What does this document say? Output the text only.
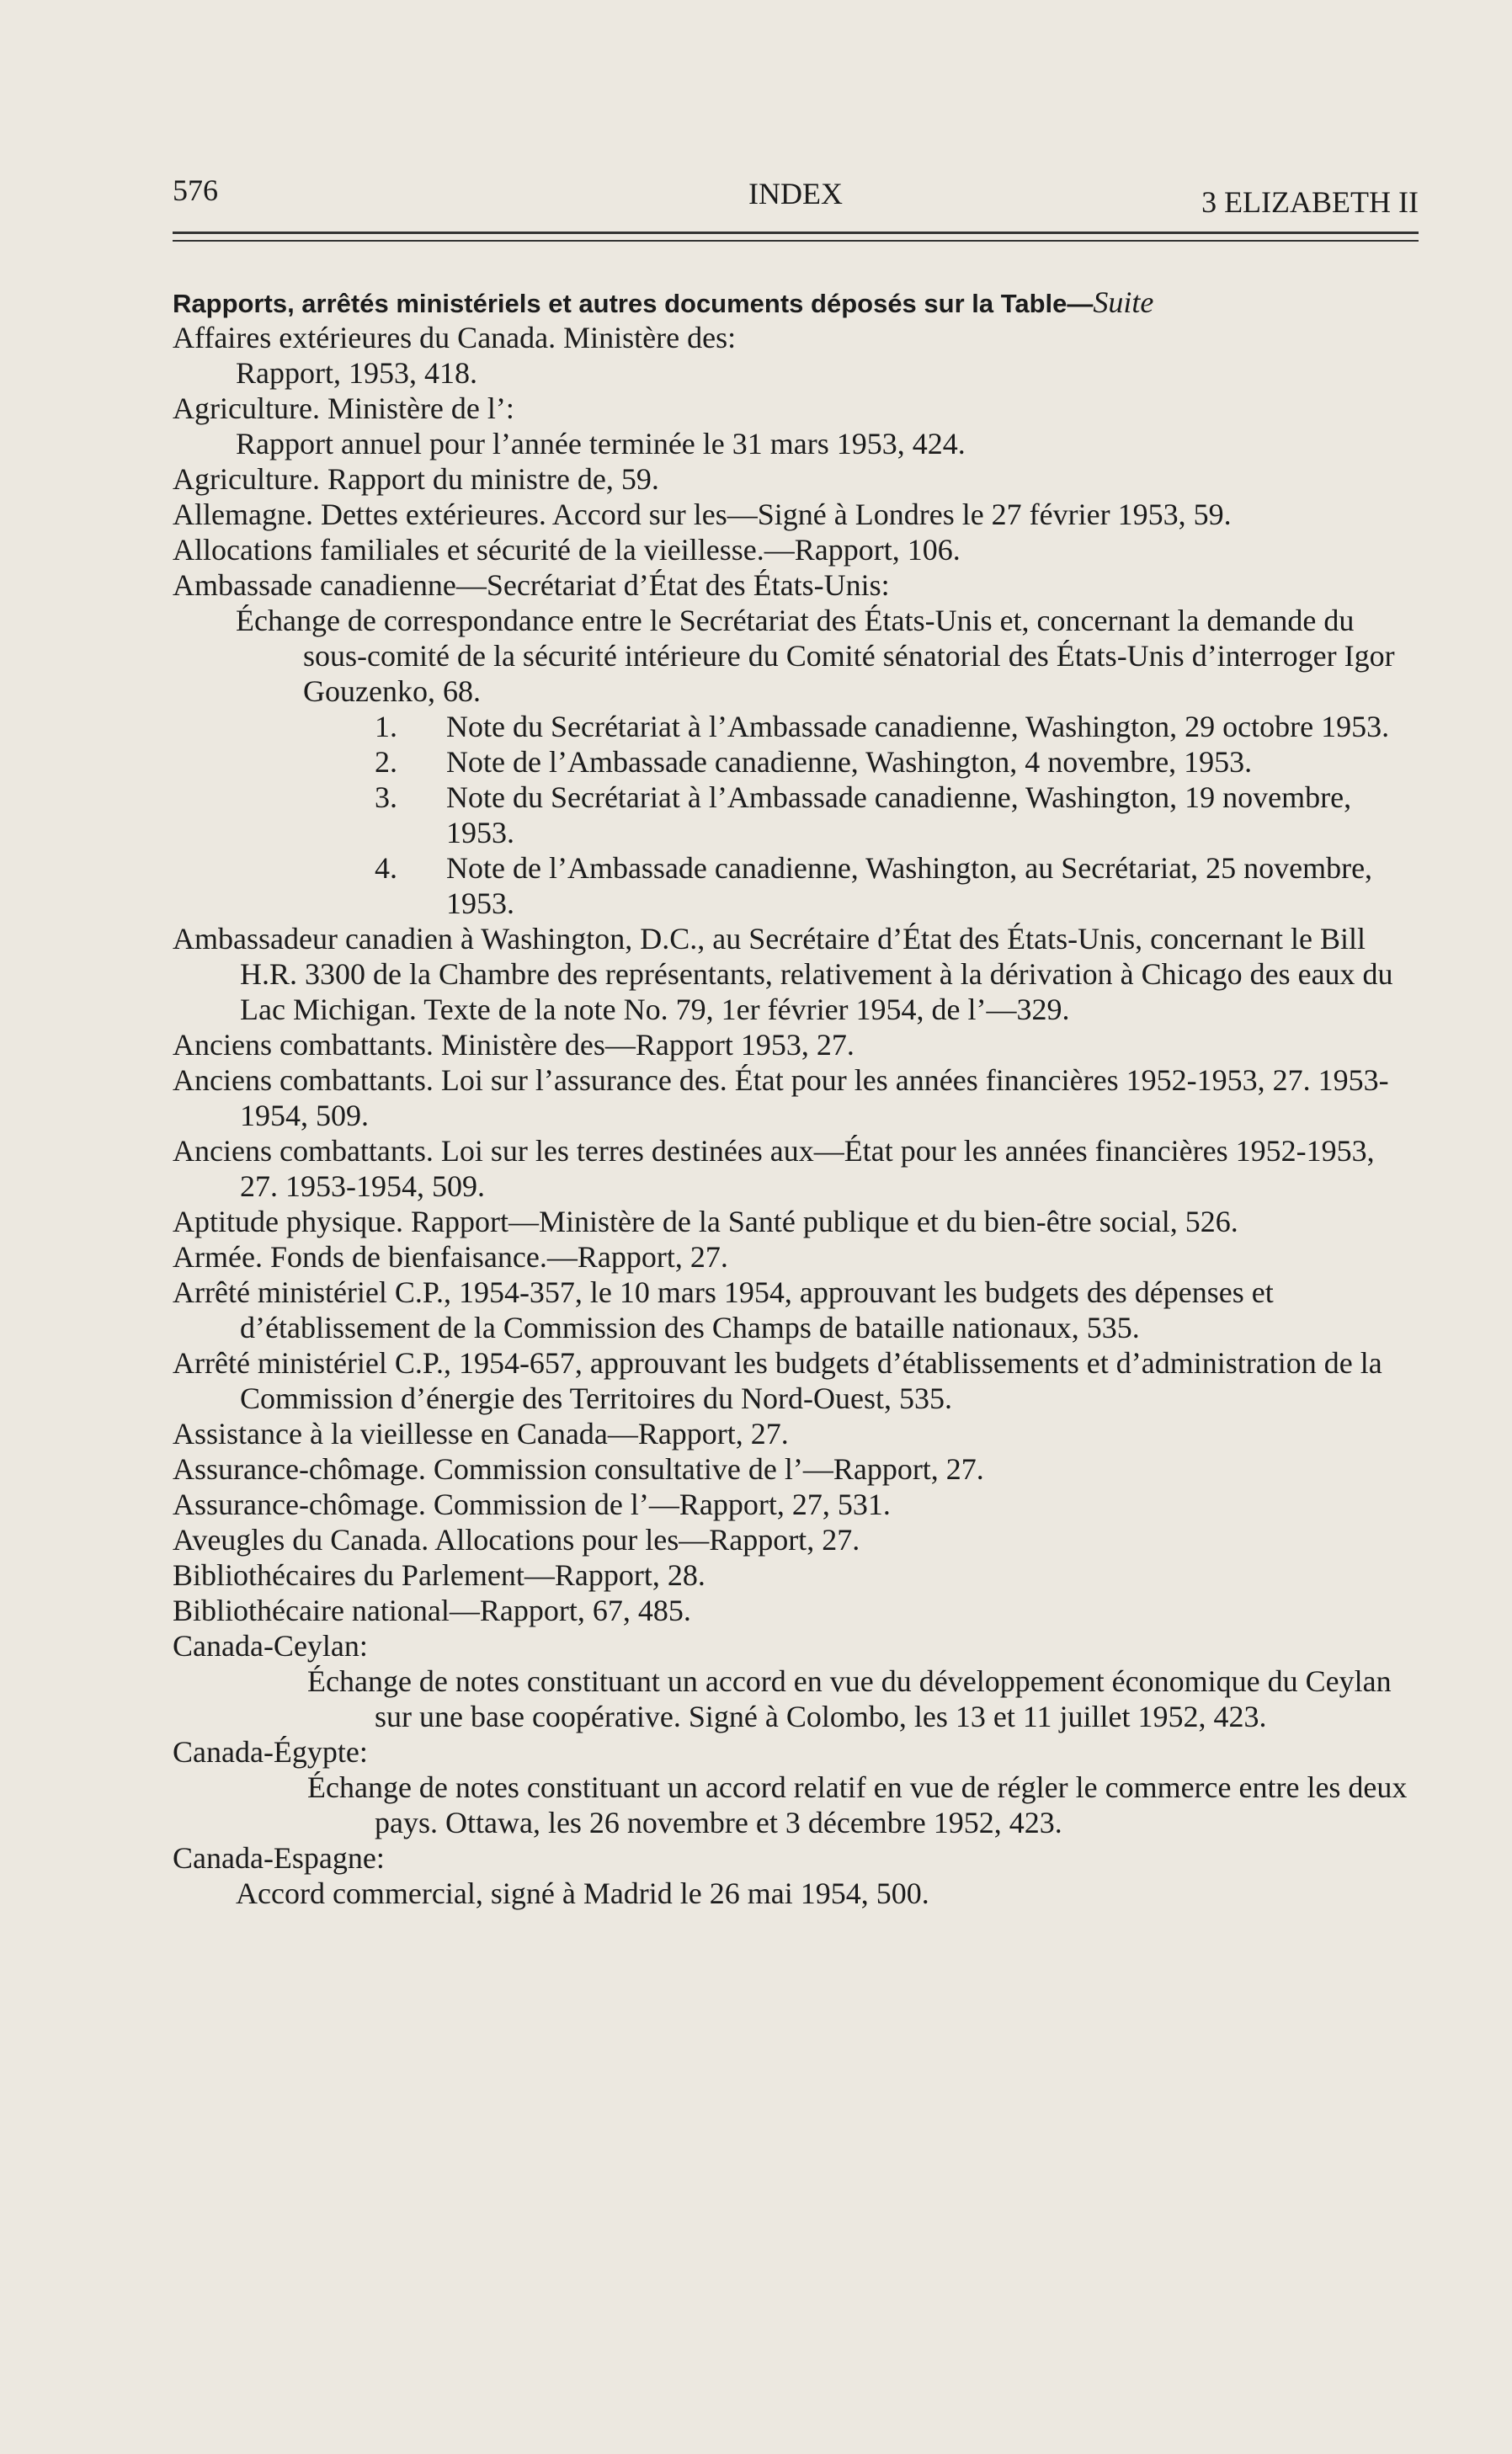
576	INDEX	3 ELIZABETH II
Rapports, arrêtés ministériels et autres documents déposés sur la Table—Suite
Affaires extérieures du Canada. Ministère des:
Rapport, 1953, 418.
Agriculture. Ministère de l’:
Rapport annuel pour l’année terminée le 31 mars 1953, 424.
Agriculture. Rapport du ministre de, 59.
Allemagne. Dettes extérieures. Accord sur les—Signé à Londres le 27 février 1953, 59.
Allocations familiales et sécurité de la vieillesse.—Rapport, 106.
Ambassade canadienne—Secrétariat d’État des États-Unis:
Échange de correspondance entre le Secrétariat des États-Unis et, concernant la demande du sous-comité de la sécurité intérieure du Comité sénatorial des États-Unis d’interroger Igor Gouzenko, 68.
1. Note du Secrétariat à l’Ambassade canadienne, Washington, 29 octobre 1953.
2. Note de l’Ambassade canadienne, Washington, 4 novembre, 1953.
3. Note du Secrétariat à l’Ambassade canadienne, Washington, 19 novembre, 1953.
4. Note de l’Ambassade canadienne, Washington, au Secrétariat, 25 novembre, 1953.
Ambassadeur canadien à Washington, D.C., au Secrétaire d’État des États-Unis, concernant le Bill H.R. 3300 de la Chambre des représentants, relativement à la dérivation à Chicago des eaux du Lac Michigan. Texte de la note No. 79, 1er février 1954, de l’—329.
Anciens combattants. Ministère des—Rapport 1953, 27.
Anciens combattants. Loi sur l’assurance des. État pour les années financières 1952-1953, 27. 1953-1954, 509.
Anciens combattants. Loi sur les terres destinées aux—État pour les années financières 1952-1953, 27. 1953-1954, 509.
Aptitude physique. Rapport—Ministère de la Santé publique et du bien-être social, 526.
Armée. Fonds de bienfaisance.—Rapport, 27.
Arrêté ministériel C.P., 1954-357, le 10 mars 1954, approuvant les budgets des dépenses et d’établissement de la Commission des Champs de bataille nationaux, 535.
Arrêté ministériel C.P., 1954-657, approuvant les budgets d’établissements et d’administration de la Commission d’énergie des Territoires du Nord-Ouest, 535.
Assistance à la vieillesse en Canada—Rapport, 27.
Assurance-chômage. Commission consultative de l’—Rapport, 27.
Assurance-chômage. Commission de l’—Rapport, 27, 531.
Aveugles du Canada. Allocations pour les—Rapport, 27.
Bibliothécaires du Parlement—Rapport, 28.
Bibliothécaire national—Rapport, 67, 485.
Canada-Ceylan:
Échange de notes constituant un accord en vue du développement économique du Ceylan sur une base coopérative. Signé à Colombo, les 13 et 11 juillet 1952, 423.
Canada-Égypte:
Échange de notes constituant un accord relatif en vue de régler le commerce entre les deux pays. Ottawa, les 26 novembre et 3 décembre 1952, 423.
Canada-Espagne:
Accord commercial, signé à Madrid le 26 mai 1954, 500.
